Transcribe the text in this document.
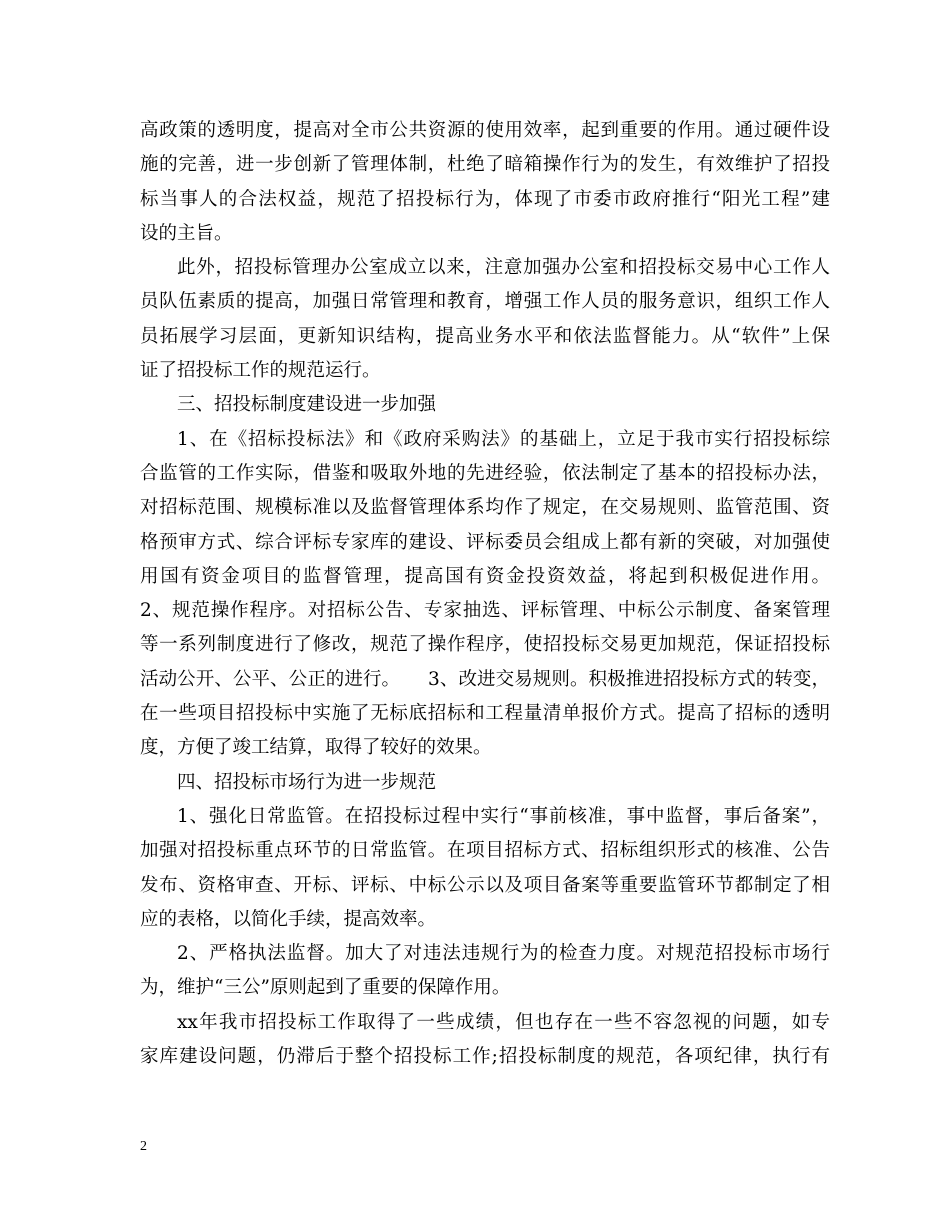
高政策的透明度，提高对全市公共资源的使用效率，起到重要的作用。通过硬件设
施的完善，进一步创新了管理体制，杜绝了暗箱操作行为的发生，有效维护了招投
标当事人的合法权益，规范了招投标行为，体现了市委市政府推行“阳光工程”建
设的主旨。
此外，招投标管理办公室成立以来，注意加强办公室和招投标交易中心工作人
员队伍素质的提高，加强日常管理和教育，增强工作人员的服务意识，组织工作人
员拓展学习层面，更新知识结构，提高业务水平和依法监督能力。从“软件”上保
证了招投标工作的规范运行。
三、招投标制度建设进一步加强
1、在《招标投标法》和《政府采购法》的基础上，立足于我市实行招投标综
合监管的工作实际，借鉴和吸取外地的先进经验，依法制定了基本的招投标办法，
对招标范围、规模标准以及监督管理体系均作了规定，在交易规则、监管范围、资
格预审方式、综合评标专家库的建设、评标委员会组成上都有新的突破，对加强使
用国有资金项目的监督管理，提高国有资金投资效益，将起到积极促进作用。
2、规范操作程序。对招标公告、专家抽选、评标管理、中标公示制度、备案管理
等一系列制度进行了修改，规范了操作程序，使招投标交易更加规范，保证招投标
活动公开、公平、公正的进行。　　3、改进交易规则。积极推进招投标方式的转变，
在一些项目招投标中实施了无标底招标和工程量清单报价方式。提高了招标的透明
度，方便了竣工结算，取得了较好的效果。
四、招投标市场行为进一步规范
1、强化日常监管。在招投标过程中实行“事前核准，事中监督，事后备案”，
加强对招投标重点环节的日常监管。在项目招标方式、招标组织形式的核准、公告
发布、资格审查、开标、评标、中标公示以及项目备案等重要监管环节都制定了相
应的表格，以简化手续，提高效率。
2、严格执法监督。加大了对违法违规行为的检查力度。对规范招投标市场行
为，维护“三公”原则起到了重要的保障作用。
xx年我市招投标工作取得了一些成绩，但也存在一些不容忽视的问题，如专
家库建设问题，仍滞后于整个招投标工作;招投标制度的规范，各项纪律，执行有
2
